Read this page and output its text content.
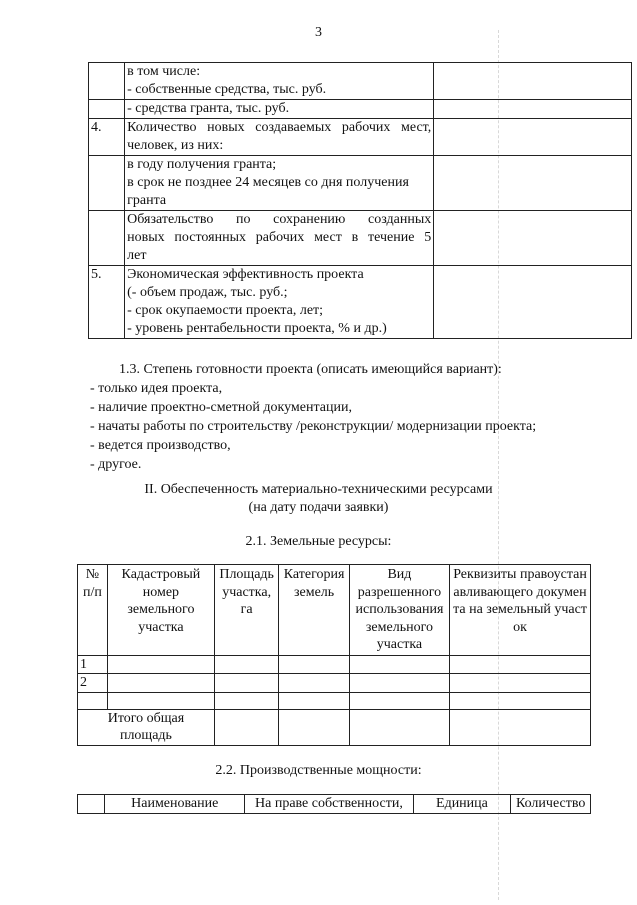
3

	в том числе:
- собственные средства, тыс. руб.	

	- средства гранта, тыс. руб.	

4.	Количество новых создаваемых рабочих мест,
человек, из них:	

	в году получения гранта;
в срок не позднее 24 месяцев со дня получения
гранта	

	Обязательство по сохранению созданных
новых постоянных рабочих мест в течение 5
лет	

5.	Экономическая эффективность проекта
(- объем продаж, тыс. руб.;
- срок окупаемости проекта, лет;
- уровень рентабельности проекта, % и др.)	

1.3. Степень готовности проекта (описать имеющийся вариант):
- только идея проекта,
- наличие проектно-сметной документации,
- начаты работы по строительству /реконструкции/ модернизации проекта;
- ведется производство,
- другое.
II. Обеспеченность материально-техническими ресурсами
(на дату подачи заявки)
2.1. Земельные ресурсы:
№ п/п	Кадастровый номер земельного участка	Площадь участка, га	Категория земель	Вид разрешенного использования земельного участка	Реквизиты правоустанавливающего документа на земельный участок
1					
2					

Итого общая площадь					
2.2. Производственные мощности:
	Наименование	На праве собственности,	Единица	Количество
